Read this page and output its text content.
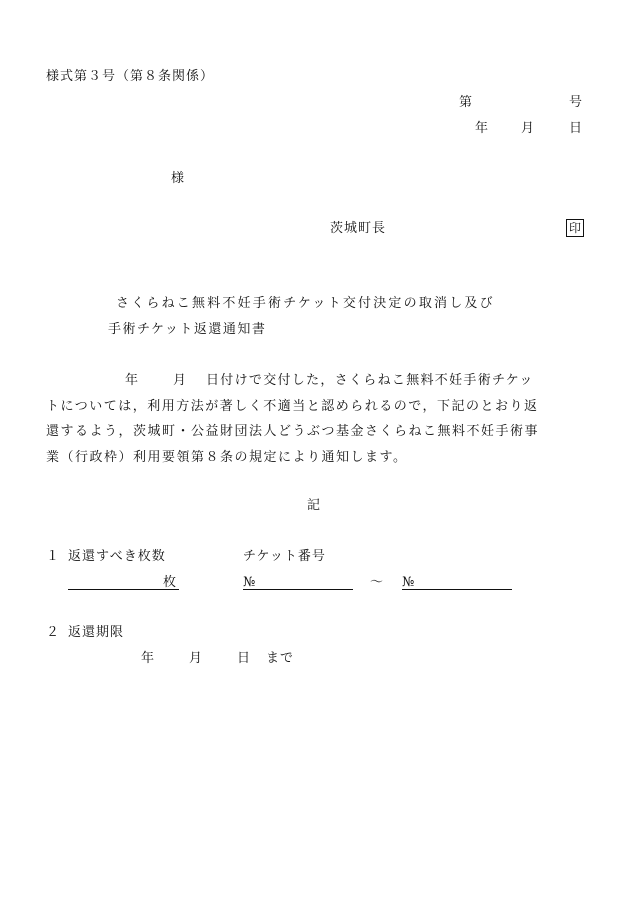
様式第３号（第８条関係）
第	号
年	月	日
様
茨城町長	印
さくらねこ無料不妊手術チケット交付決定の取消し及び
手術チケット返還通知書
年	月 日付けで交付した，さくらねこ無料不妊手術チケッ
トについては，利用方法が著しく不適当と認められるので，下記のとおり返
還するよう，茨城町・公益財団法人どうぶつ基金さくらねこ無料不妊手術事
業（行政枠）利用要領第８条の規定により通知します。
記
１ 返還すべき枚数	チケット番号
枚	№	～ №
２ 返還期限
年	月	日 まで
